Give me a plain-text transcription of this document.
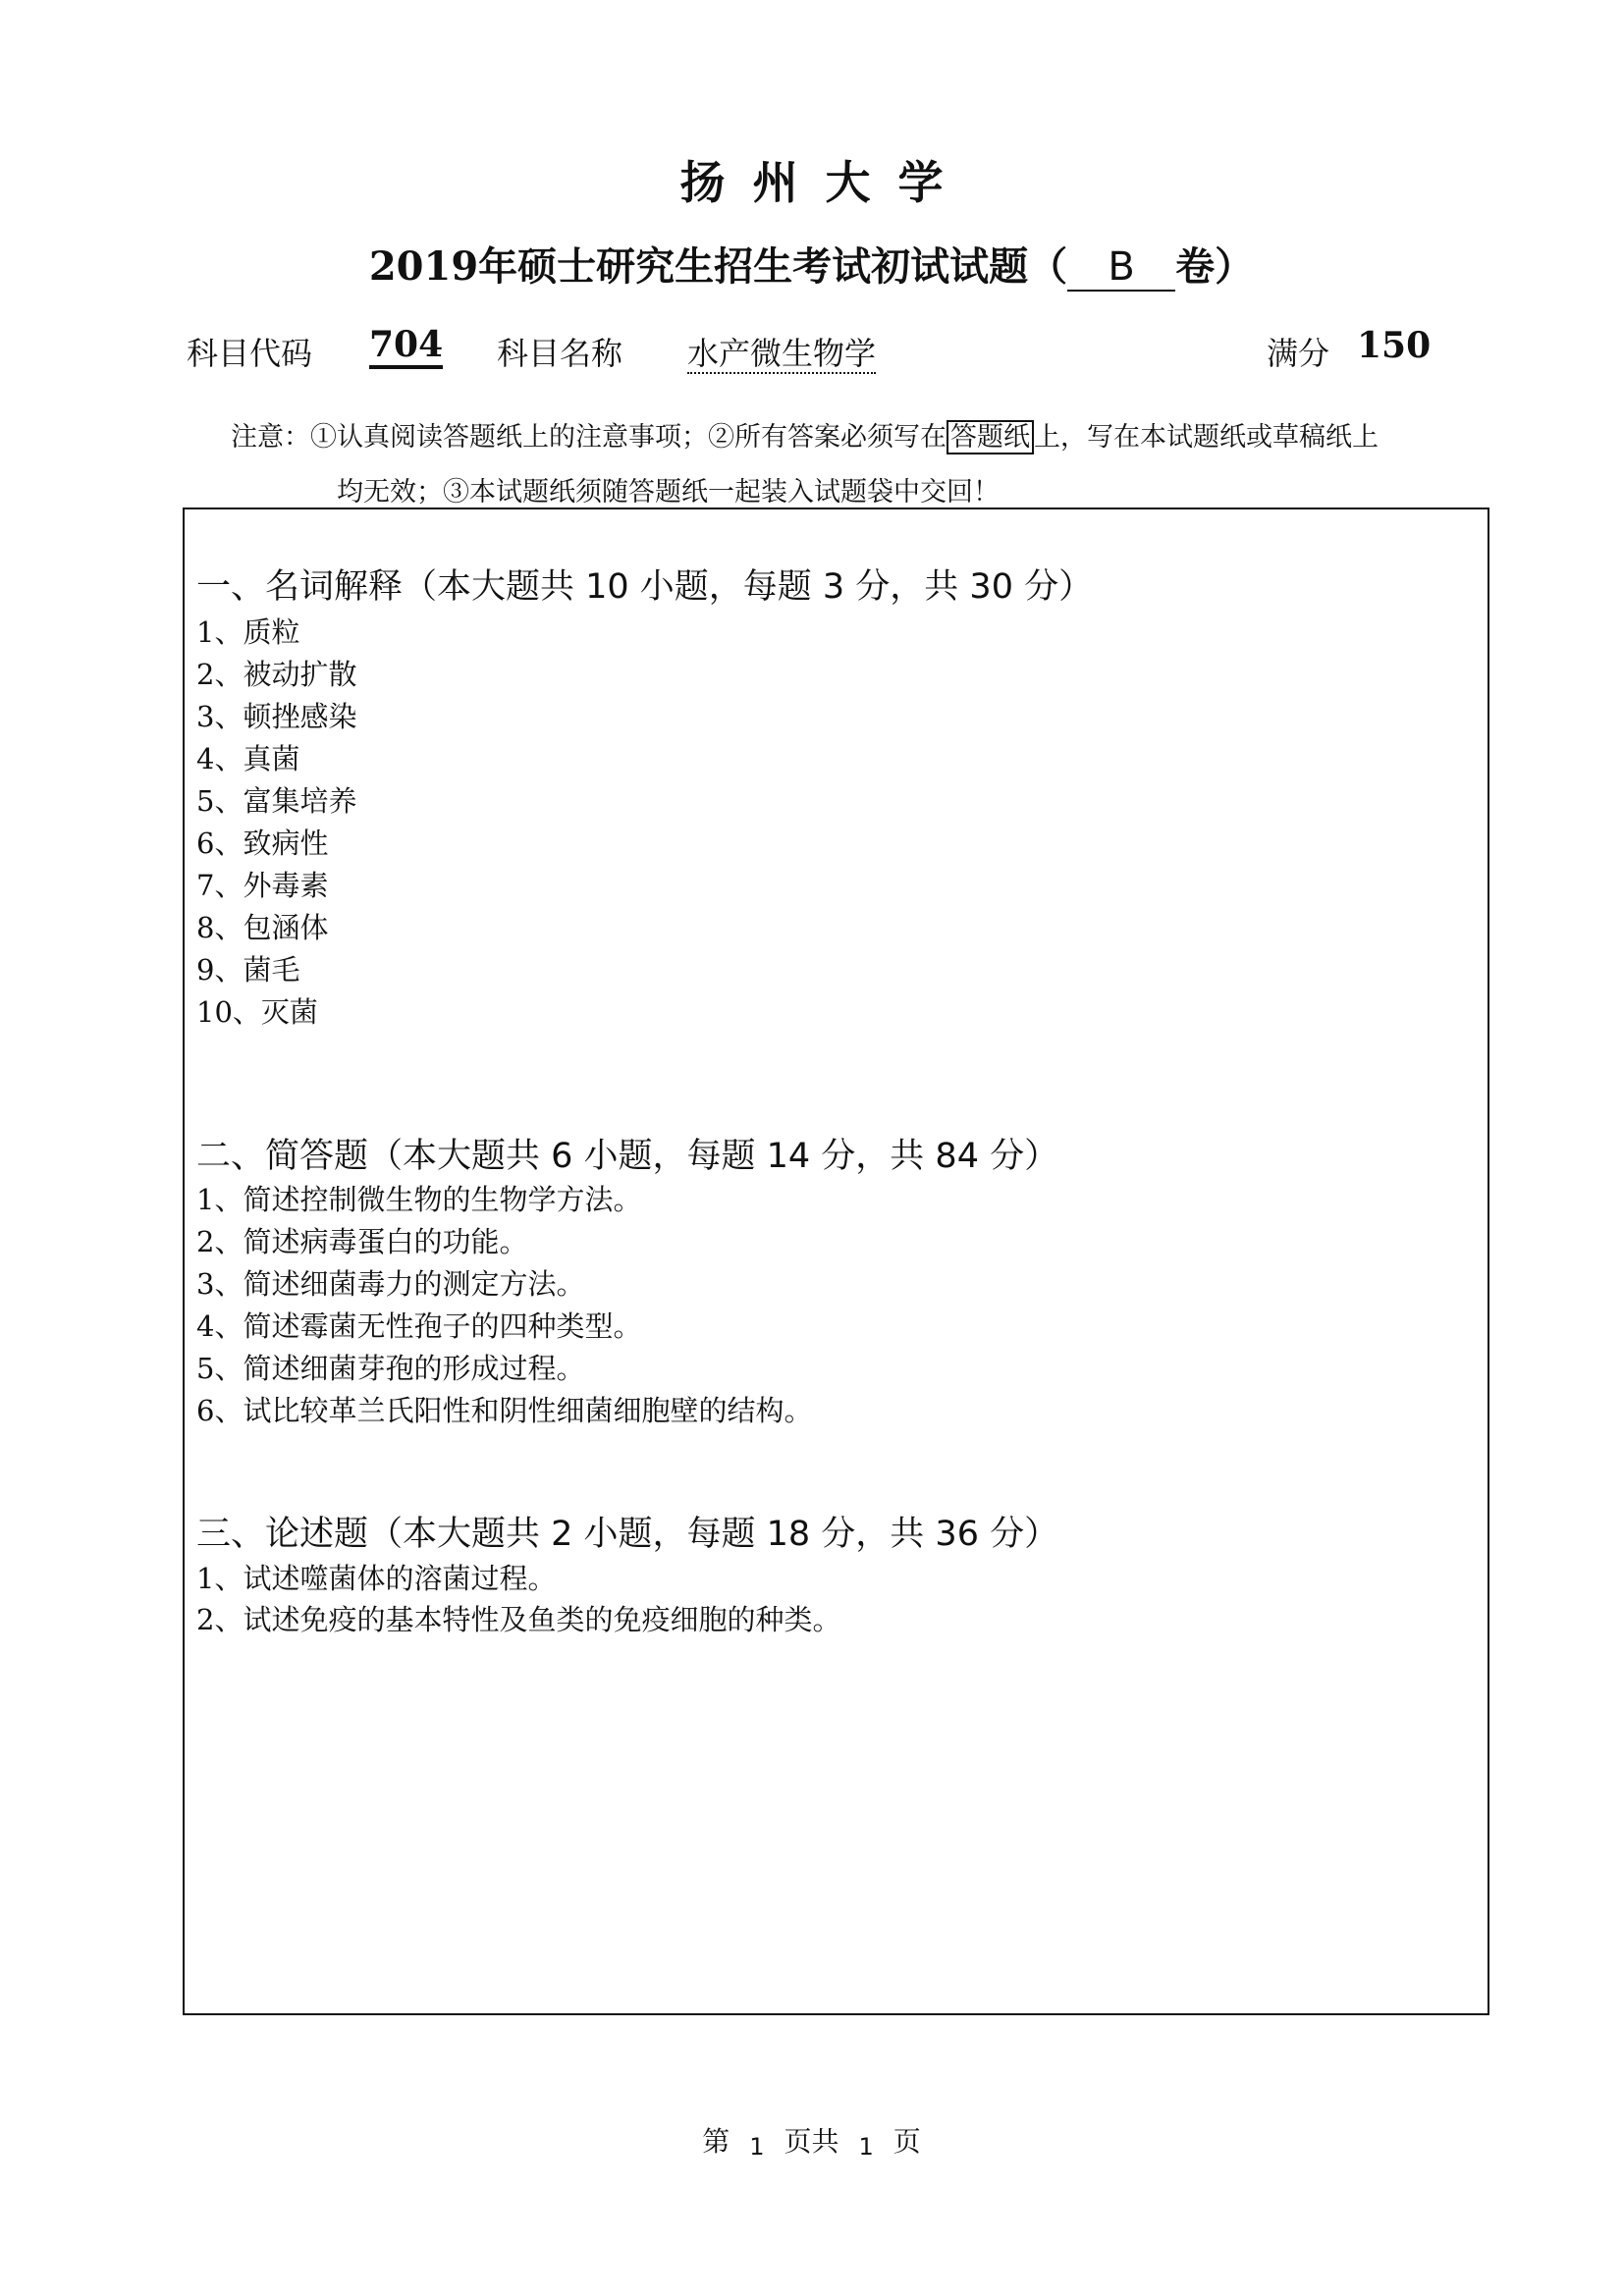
扬州大学
2019年硕士研究生招生考试初试试题（ B 卷）
科目代码 704 科目名称 水产微生物学	满分 150
注意：①认真阅读答题纸上的注意事项；②所有答案必须写在 答题纸 上，写在本试题纸或草稿纸上
均无效；③本试题纸须随答题纸一起装入试题袋中交回！
一、名词解释（本大题共 10 小题，每题 3 分，共 30 分）
1、质粒
2、被动扩散
3、顿挫感染
4、真菌
5、富集培养
6、致病性
7、外毒素
8、包涵体
9、菌毛
10、灭菌
二、简答题（本大题共 6 小题，每题 14 分，共 84 分）
1、简述控制微生物的生物学方法。
2、简述病毒蛋白的功能。
3、简述细菌毒力的测定方法。
4、简述霉菌无性孢子的四种类型。
5、简述细菌芽孢的形成过程。
6、试比较革兰氏阳性和阴性细菌细胞壁的结构。
三、论述题（本大题共 2 小题，每题 18 分，共 36 分）
1、试述噬菌体的溶菌过程。
2、试述免疫的基本特性及鱼类的免疫细胞的种类。
第 1 页共 1 页
